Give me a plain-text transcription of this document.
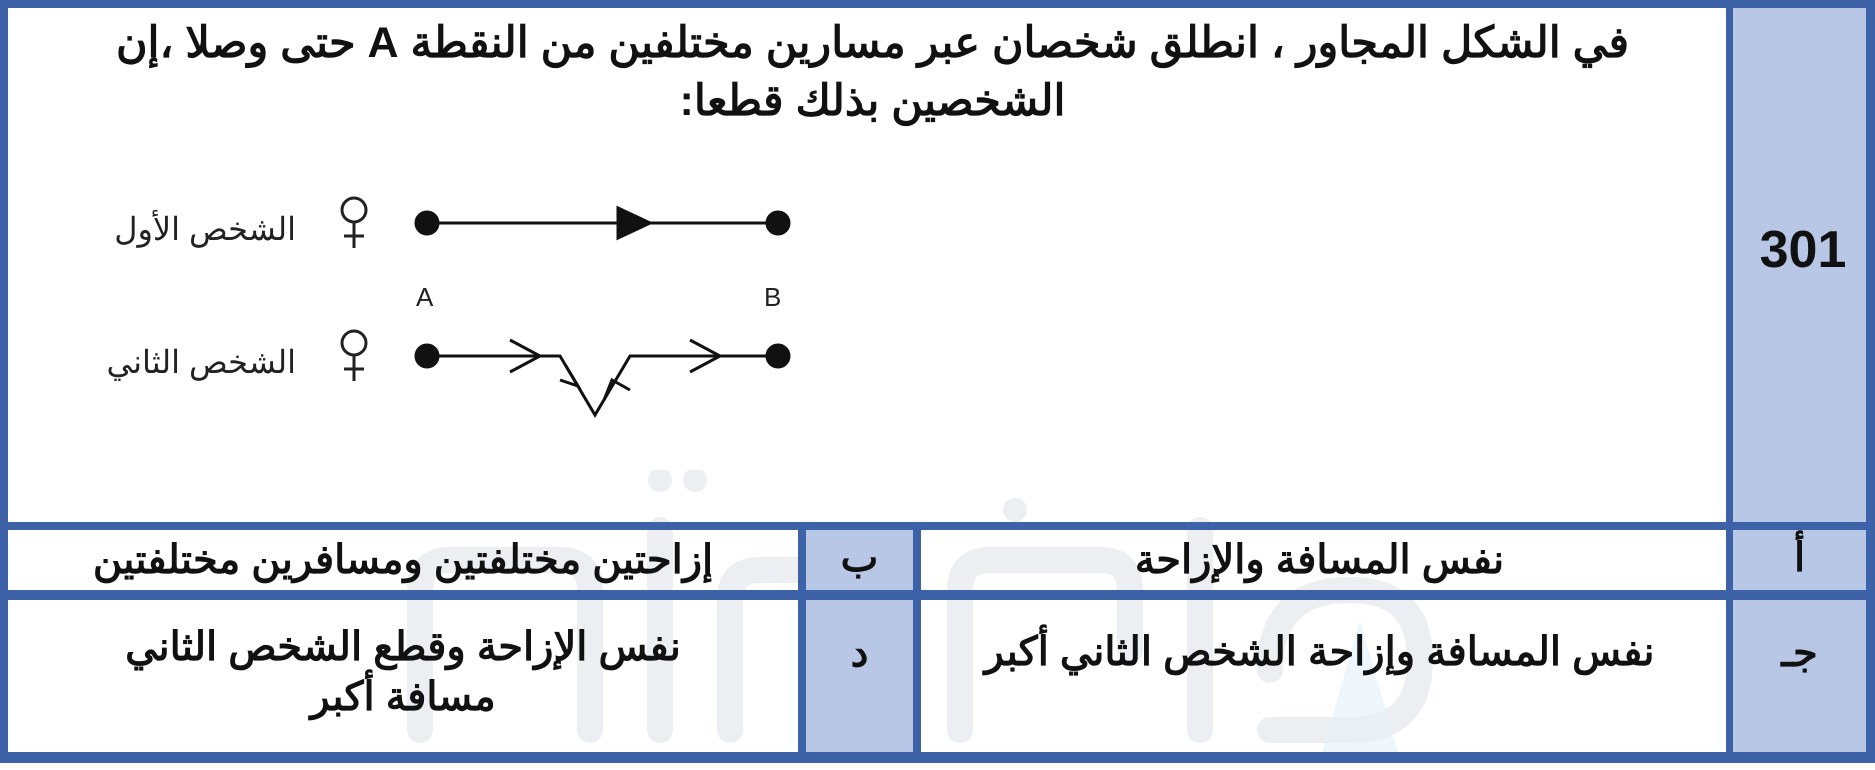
في الشكل المجاور ، انطلق شخصان عبر مسارين مختلفين من النقطة A حتى وصلا ،إن
الشخصين بذلك قطعا:
301
الشخص الأول
الشخص الثاني
A	B
أ
نفس المسافة والإزاحة
ب
إزاحتين مختلفتين ومسافرين مختلفتين
جـ
نفس المسافة وإزاحة الشخص الثاني أكبر
د
نفس الإزاحة وقطع الشخص الثاني
مسافة أكبر
